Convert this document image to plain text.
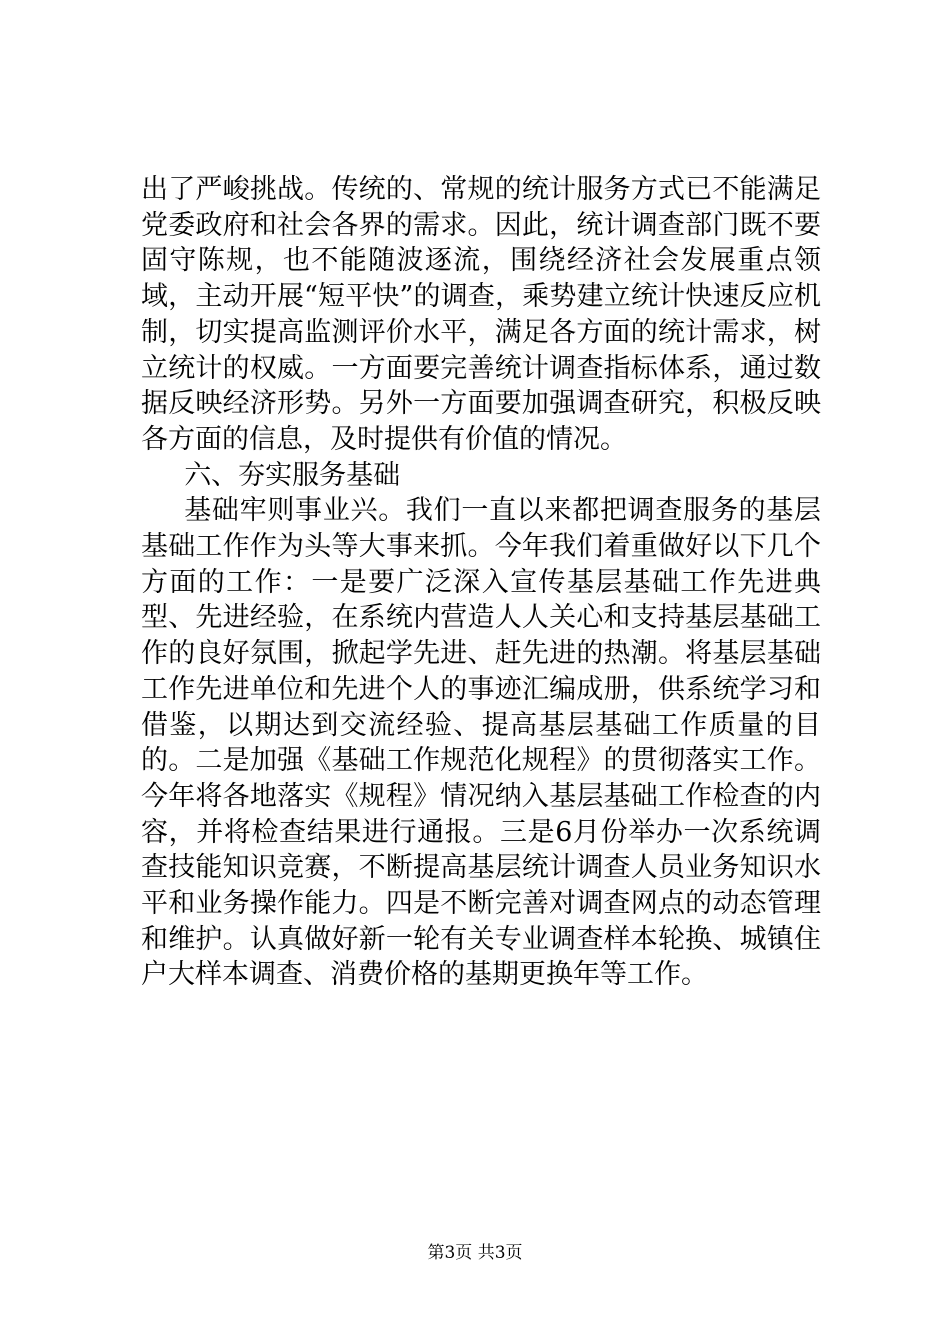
出了严峻挑战。传统的、常规的统计服务方式已不能满足党委政府和社会各界的需求。因此，统计调查部门既不要固守陈规，也不能随波逐流，围绕经济社会发展重点领域，主动开展“短平快”的调查，乘势建立统计快速反应机制，切实提高监测评价水平，满足各方面的统计需求，树立统计的权威。一方面要完善统计调查指标体系，通过数据反映经济形势。另外一方面要加强调查研究，积极反映各方面的信息，及时提供有价值的情况。

六、夯实服务基础

基础牢则事业兴。我们一直以来都把调查服务的基层基础工作作为头等大事来抓。今年我们着重做好以下几个方面的工作：一是要广泛深入宣传基层基础工作先进典型、先进经验，在系统内营造人人关心和支持基层基础工作的良好氛围，掀起学先进、赶先进的热潮。将基层基础工作先进单位和先进个人的事迹汇编成册，供系统学习和借鉴，以期达到交流经验、提高基层基础工作质量的目的。二是加强《基础工作规范化规程》的贯彻落实工作。今年将各地落实《规程》情况纳入基层基础工作检查的内容，并将检查结果进行通报。三是6月份举办一次系统调查技能知识竞赛，不断提高基层统计调查人员业务知识水平和业务操作能力。四是不断完善对调查网点的动态管理和维护。认真做好新一轮有关专业调查样本轮换、城镇住户大样本调查、消费价格的基期更换年等工作。

第3页 共3页
